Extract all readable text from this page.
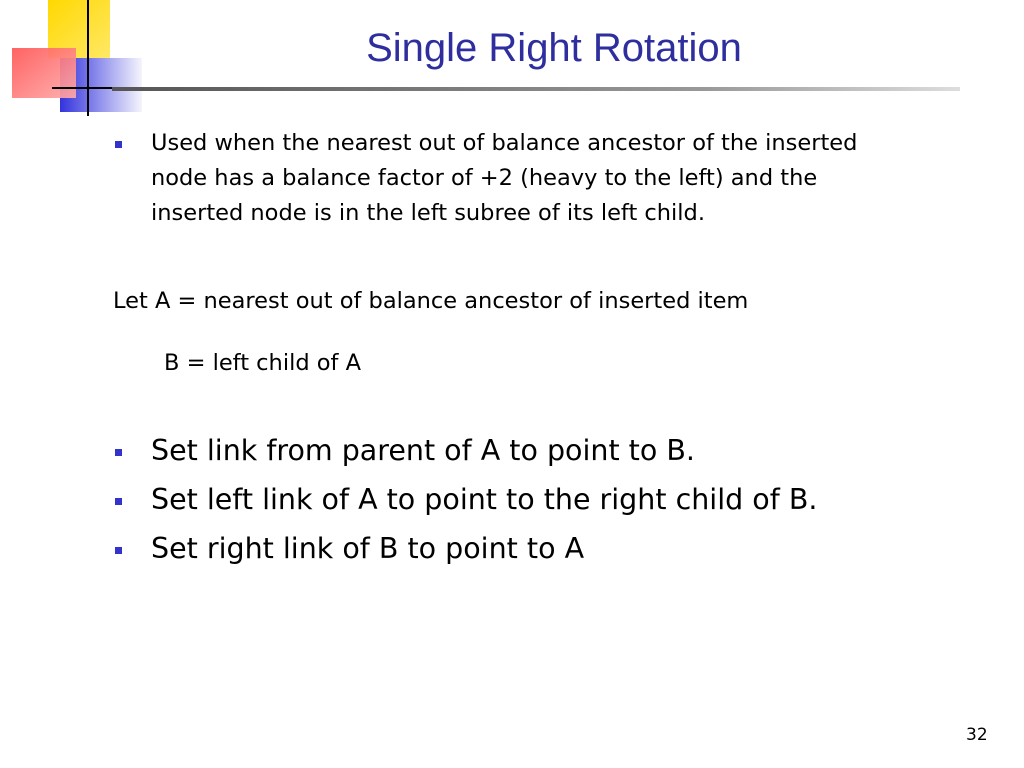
Single Right Rotation
Used when the nearest out of balance ancestor of the inserted
node has a balance factor of +2 (heavy to the left) and the
inserted node is in the left subree of its left child.
Let A = nearest out of balance ancestor of inserted item
B = left child of A
Set link from parent of A to point to B.
Set left link of A to point to the right child of B.
Set right link of B to point to A
32
